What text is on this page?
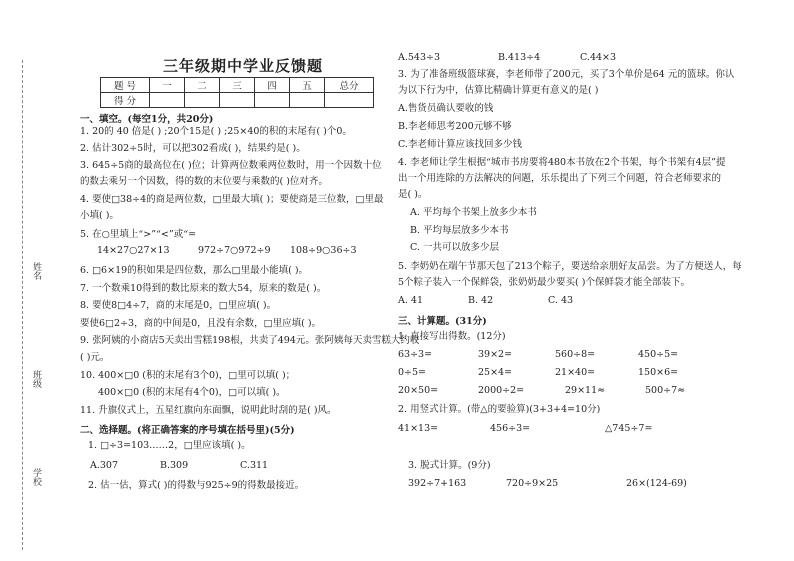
姓名
班级
学校
三年级期中学业反馈题
题 号	一	二	三	四	五	总分
得 分						
一、填空。(每空1分，共20分)
1. 20的 40 倍是( ) ;20个15是( ) ;25×40的积的末尾有( )个0。
2. 估计302÷5时，可以把302看成( )，结果约是( )。
3. 645÷5商的最高位在( )位；计算两位数乘两位数时，用一个因数十位
的数去乘另一个因数，得的数的末位要与乘数的( )位对齐。
4. 要使□38÷4的商是两位数，□里最大填( )；要使商是三位数，□里最
小填( )。
5. 在○里填上“>”“<”或“=
14×27○27×13	972÷7○972÷9 108÷9○36÷3
6. □6×19的积如果是四位数，那么□里最小能填( )。
7. 一个数乘10得到的数比原来的数大54，原来的数是( )。
8. 要使8□4÷7，商的末尾是0，□里应填( )。
要使6□2÷3，商的中间是0，且没有余数，□里应填( )。
9. 张阿姨的小商店5天卖出雪糕198根，共卖了494元。张阿姨每天卖雪糕大约收
( )元。
10. 400×□0 (积的末尾有3个0)，□里可以填( )；
400×□0 (积的末尾有4个0)，□可以填( )。
11. 升旗仪式上，五星红旗向东面飘，说明此时刮的是( )风。
二、选择题。(将正确答案的序号填在括号里)(5分)
1. □÷3=103……2，□里应该填( )。
A.307	B.309	C.311
2. 估一估，算式( )的得数与925÷9的得数最接近。
A.543÷3	B.413÷4	C.44×3
3. 为了准备班级篮球赛，李老师带了200元，买了3个单价是64 元的篮球。你认
为以下行为中，估算比精确计算更有意义的是( )
A.售货员确认要收的钱
B.李老师思考200元够不够
C.李老师计算应该找回多少钱
4. 李老师让学生根据“城市书房要将480本书放在2个书架，每个书架有4层”提
出一个用连除的方法解决的问题，乐乐提出了下列三个问题，符合老师要求的
是( )。
A. 平均每个书架上放多少本书
B. 平均每层放多少本书
C. 一共可以放多少层
5. 李奶奶在端午节那天包了213个粽子，要送给亲朋好友品尝。为了方便送人，每
5个粽子装入一个保鲜袋，张奶奶最少要买( )个保鲜袋才能全部装下。
A. 41	B. 42	C. 43
三、计算题。(31分)
1. 直接写出得数。(12分)
63÷3=	39×2=	560÷8=	450÷5=
0÷5=	25×4=	21×40=	150×6=
20×50=	2000÷2=	29×11≈	500÷7≈
2. 用竖式计算。(带△的要验算)(3+3+4=10分)
41×13=	456÷3=	△745÷7=
3. 脱式计算。(9分)
392÷7+163	720÷9×25	26×(124-69)
